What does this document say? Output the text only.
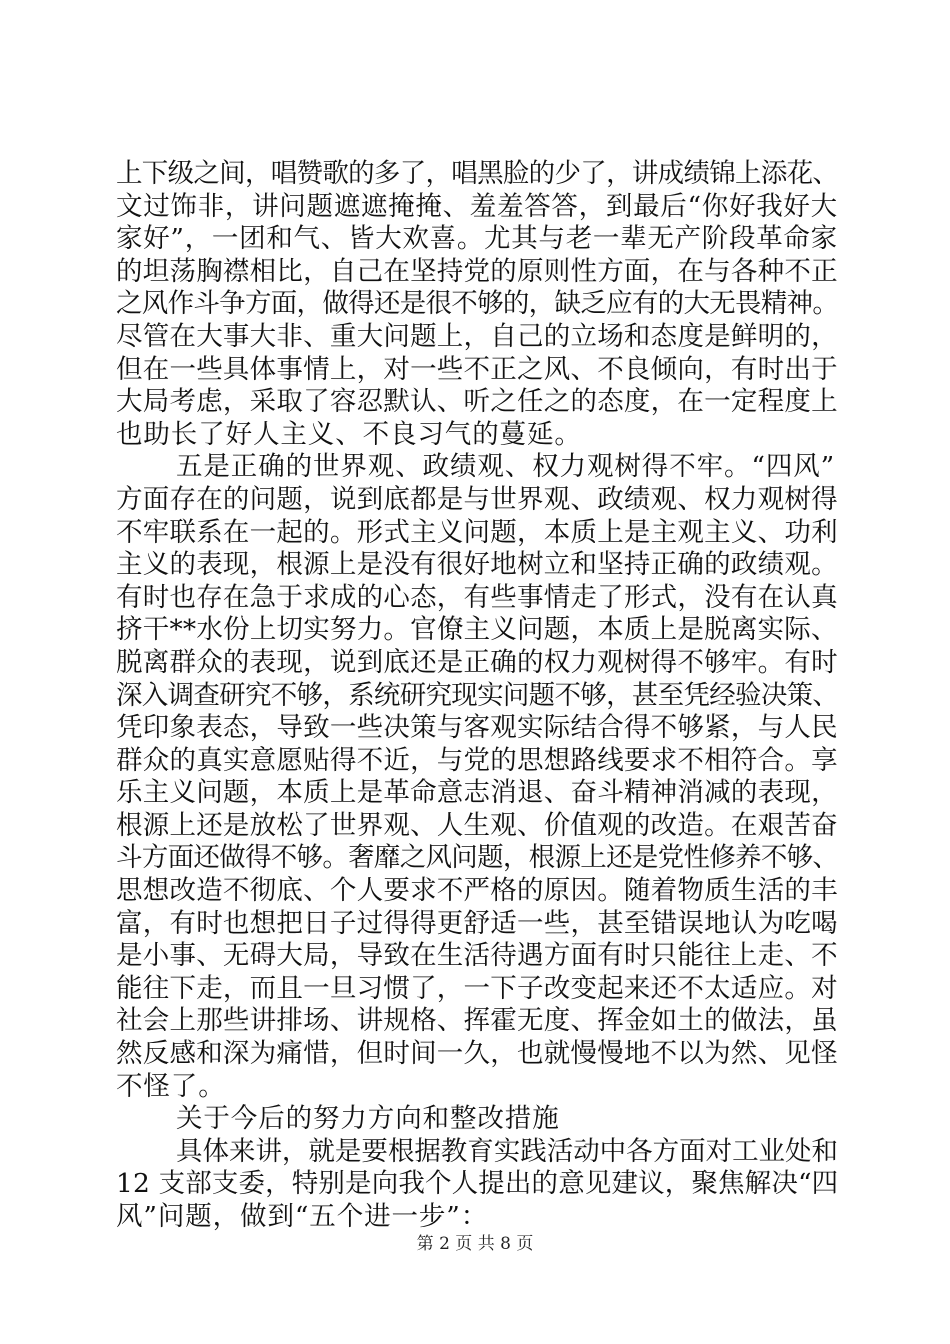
上下级之间，唱赞歌的多了，唱黑脸的少了，讲成绩锦上添花、
文过饰非，讲问题遮遮掩掩、羞羞答答，到最后“你好我好大
家好”，一团和气、皆大欢喜。尤其与老一辈无产阶段革命家
的坦荡胸襟相比，自己在坚持党的原则性方面，在与各种不正
之风作斗争方面，做得还是很不够的，缺乏应有的大无畏精神。
尽管在大事大非、重大问题上，自己的立场和态度是鲜明的，
但在一些具体事情上，对一些不正之风、不良倾向，有时出于
大局考虑，采取了容忍默认、听之任之的态度，在一定程度上
也助长了好人主义、不良习气的蔓延。
五是正确的世界观、政绩观、权力观树得不牢。“四风”
方面存在的问题，说到底都是与世界观、政绩观、权力观树得
不牢联系在一起的。形式主义问题，本质上是主观主义、功利
主义的表现，根源上是没有很好地树立和坚持正确的政绩观。
有时也存在急于求成的心态，有些事情走了形式，没有在认真
挤干**水份上切实努力。官僚主义问题，本质上是脱离实际、
脱离群众的表现，说到底还是正确的权力观树得不够牢。有时
深入调查研究不够，系统研究现实问题不够，甚至凭经验决策、
凭印象表态，导致一些决策与客观实际结合得不够紧，与人民
群众的真实意愿贴得不近，与党的思想路线要求不相符合。享
乐主义问题，本质上是革命意志消退、奋斗精神消减的表现，
根源上还是放松了世界观、人生观、价值观的改造。在艰苦奋
斗方面还做得不够。奢靡之风问题，根源上还是党性修养不够、
思想改造不彻底、个人要求不严格的原因。随着物质生活的丰
富，有时也想把日子过得得更舒适一些，甚至错误地认为吃喝
是小事、无碍大局，导致在生活待遇方面有时只能往上走、不
能往下走，而且一旦习惯了，一下子改变起来还不太适应。对
社会上那些讲排场、讲规格、挥霍无度、挥金如土的做法，虽
然反感和深为痛惜，但时间一久，也就慢慢地不以为然、见怪
不怪了。
关于今后的努力方向和整改措施
具体来讲，就是要根据教育实践活动中各方面对工业处和
12 支部支委，特别是向我个人提出的意见建议，聚焦解决“四
风”问题，做到“五个进一步”：
第 2 页 共 8 页
